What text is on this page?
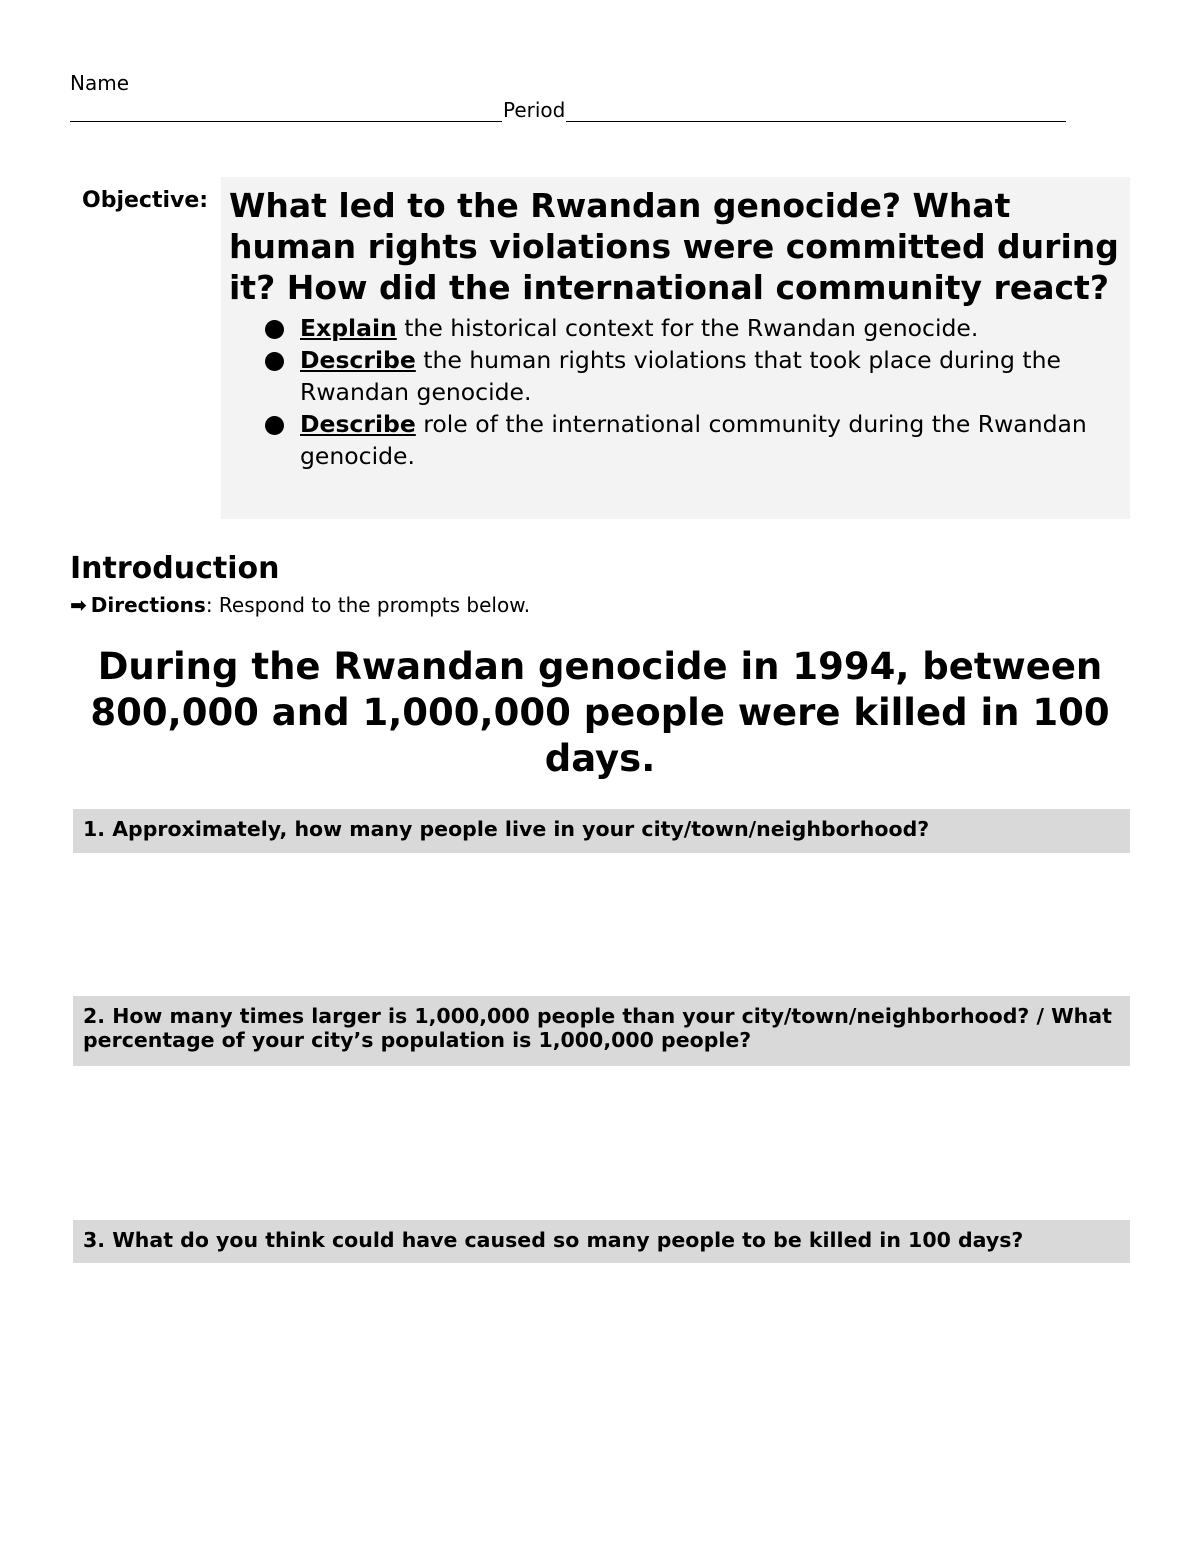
Name
Period
Objective: What led to the Rwandan genocide? What human rights violations were committed during it? How did the international community react?

Explain the historical context for the Rwandan genocide.
Describe the human rights violations that took place during the Rwandan genocide.
Describe role of the international community during the Rwandan genocide.
Introduction
➡ Directions: Respond to the prompts below.

During the Rwandan genocide in 1994, between 800,000 and 1,000,000 people were killed in 100 days.

1. Approximately, how many people live in your city/town/neighborhood?
2. How many times larger is 1,000,000 people than your city/town/neighborhood? / What percentage of your city’s population is 1,000,000 people?
3. What do you think could have caused so many people to be killed in 100 days?
